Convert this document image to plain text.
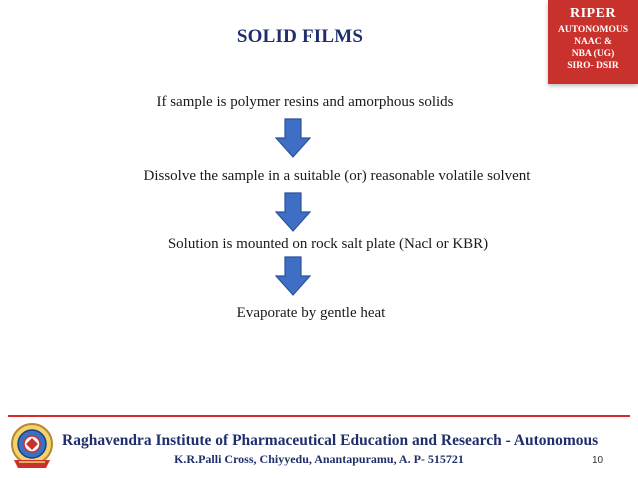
SOLID FILMS
RIPER
AUTONOMOUS
NAAC &
NBA (UG)
SIRO- DSIR
If sample is polymer resins and amorphous solids
Dissolve the sample in a suitable (or) reasonable volatile solvent
Solution is mounted on rock salt plate (Nacl or KBR)
Evaporate by gentle heat
Raghavendra Institute of Pharmaceutical Education and Research - Autonomous
K.R.Palli Cross, Chiyyedu, Anantapuramu, A. P- 515721	10
